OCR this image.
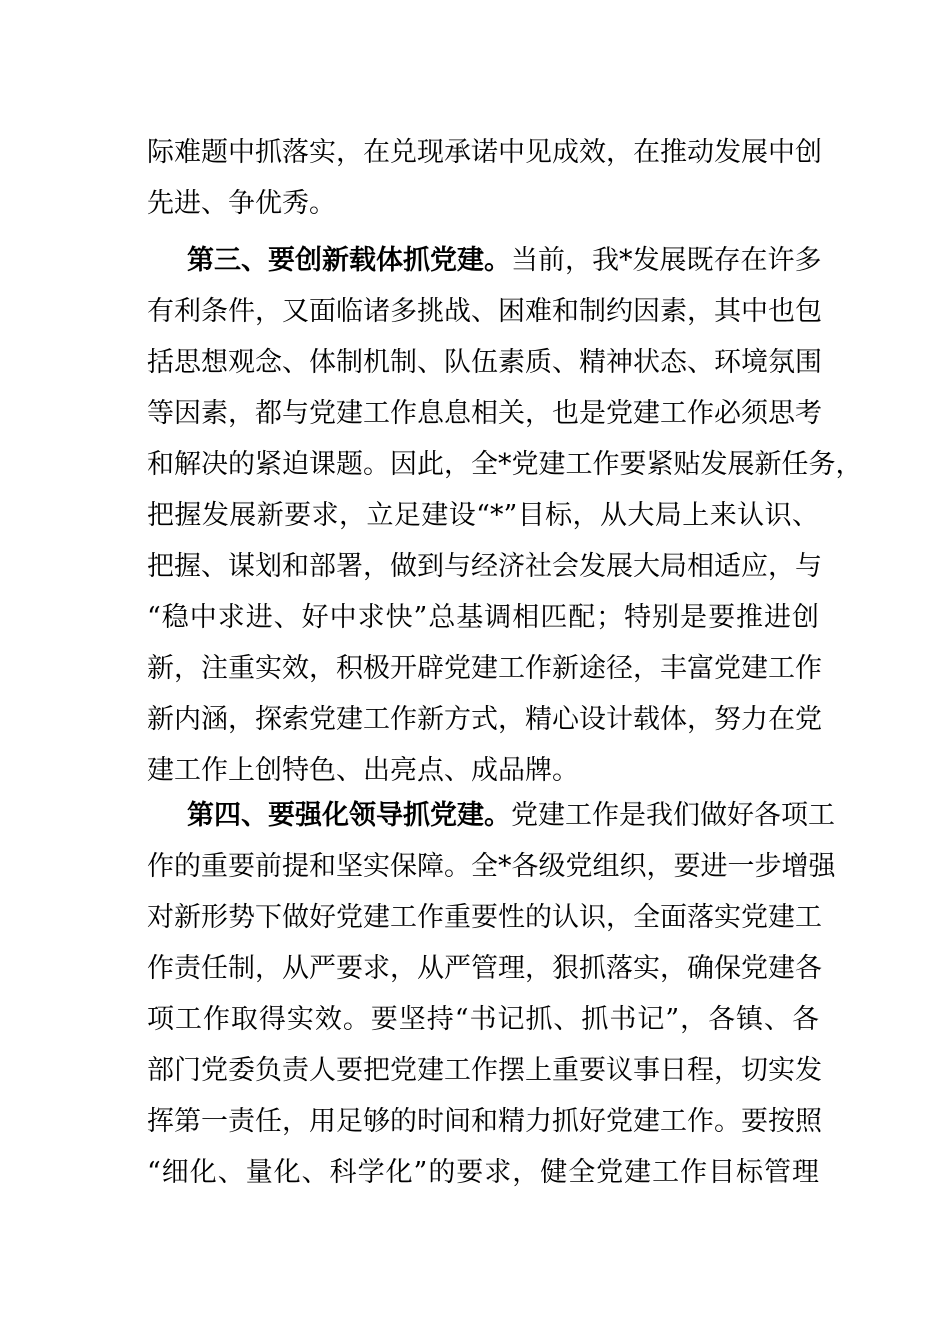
际难题中抓落实，在兑现承诺中见成效，在推动发展中创
先进、争优秀。
第三、要创新载体抓党建。当前，我*发展既存在许多
有利条件，又面临诸多挑战、困难和制约因素，其中也包
括思想观念、体制机制、队伍素质、精神状态、环境氛围
等因素，都与党建工作息息相关，也是党建工作必须思考
和解决的紧迫课题。因此，全*党建工作要紧贴发展新任务，
把握发展新要求，立足建设“*”目标，从大局上来认识、
把握、谋划和部署，做到与经济社会发展大局相适应，与
“稳中求进、好中求快”总基调相匹配；特别是要推进创
新，注重实效，积极开辟党建工作新途径，丰富党建工作
新内涵，探索党建工作新方式，精心设计载体，努力在党
建工作上创特色、出亮点、成品牌。
第四、要强化领导抓党建。党建工作是我们做好各项工
作的重要前提和坚实保障。全*各级党组织，要进一步增强
对新形势下做好党建工作重要性的认识，全面落实党建工
作责任制，从严要求，从严管理，狠抓落实，确保党建各
项工作取得实效。要坚持“书记抓、抓书记”，各镇、各
部门党委负责人要把党建工作摆上重要议事日程，切实发
挥第一责任，用足够的时间和精力抓好党建工作。要按照
“细化、量化、科学化”的要求，健全党建工作目标管理
